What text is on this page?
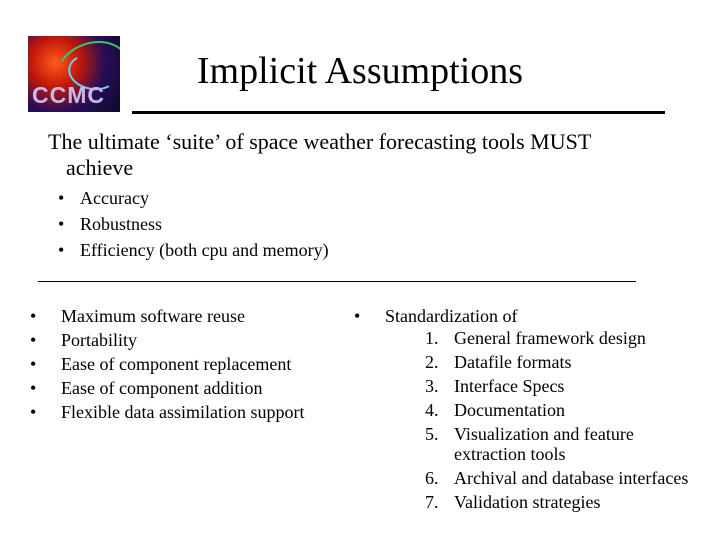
CCMC
Implicit Assumptions

The ultimate ‘suite’ of space weather forecasting tools MUST

achieve
• Accuracy
• Robustness
• Efficiency (both cpu and memory)
• Maximum software reuse
• Portability
• Ease of component replacement
• Ease of component addition
• Flexible data assimilation support
• Standardization of
1. General framework design
2. Datafile formats
3. Interface Specs
4. Documentation
5. Visualization and feature extraction tools
6. Archival and database interfaces
7. Validation strategies
